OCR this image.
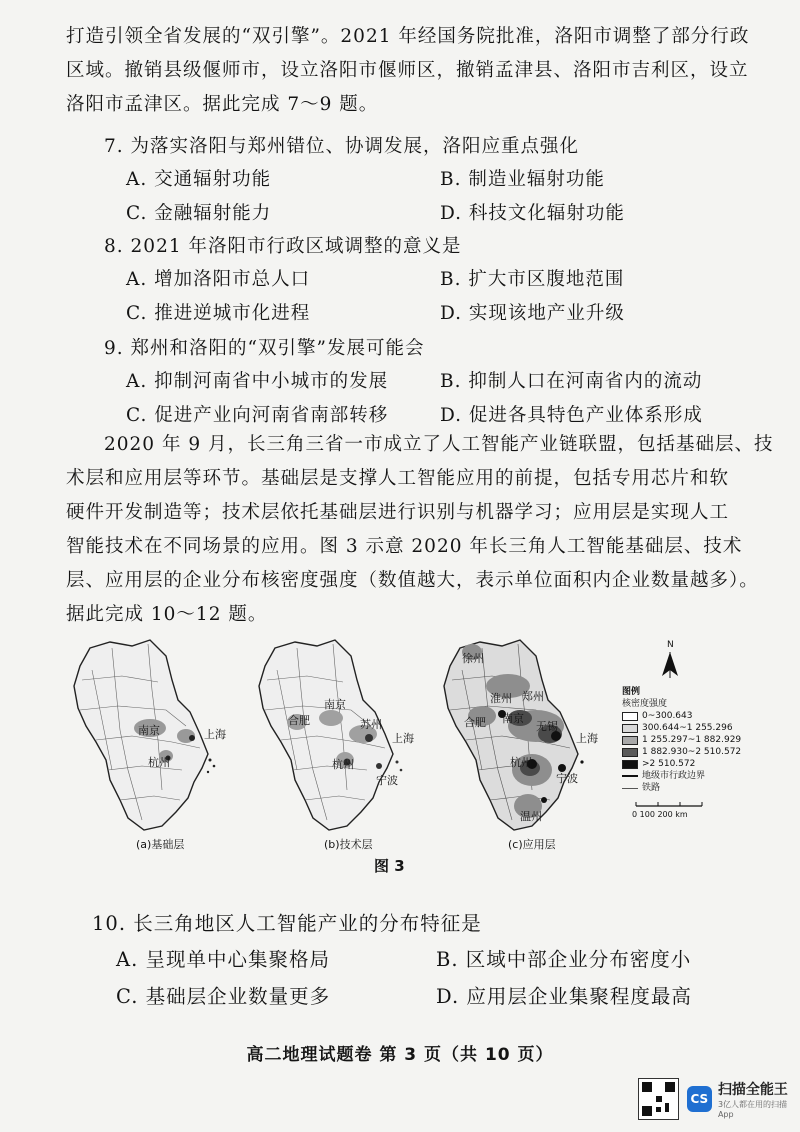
打造引领全省发展的“双引擎”。2021 年经国务院批准，洛阳市调整了部分行政
区域。撤销县级偃师市，设立洛阳市偃师区，撤销孟津县、洛阳市吉利区，设立
洛阳市孟津区。据此完成 7～9 题。
7. 为落实洛阳与郑州错位、协调发展，洛阳应重点强化
A. 交通辐射功能	B. 制造业辐射功能
C. 金融辐射能力	D. 科技文化辐射功能
8. 2021 年洛阳市行政区域调整的意义是
A. 增加洛阳市总人口	B. 扩大市区腹地范围
C. 推进逆城市化进程	D. 实现该地产业升级
9. 郑州和洛阳的“双引擎”发展可能会
A. 抑制河南省中小城市的发展	B. 抑制人口在河南省内的流动
C. 促进产业向河南省南部转移	D. 促进各具特色产业体系形成
2020 年 9 月，长三角三省一市成立了人工智能产业链联盟，包括基础层、技
术层和应用层等环节。基础层是支撑人工智能应用的前提，包括专用芯片和软
硬件开发制造等；技术层依托基础层进行识别与机器学习；应用层是实现人工
智能技术在不同场景的应用。图 3 示意 2020 年长三角人工智能基础层、技术
层、应用层的企业分布核密度强度（数值越大，表示单位面积内企业数量越多）。
据此完成 10～12 题。
南京	上海
杭州
合肥
南京
苏州
上海
杭州
宁波
徐州
淮州 郑州
合肥 南京
无锡
上海
杭州
宁波
温州
(a)基础层	(b)技术层	(c)应用层
N
0 100 200 km
图例
核密度强度
0~300.643
300.644~1 255.296
1 255.297~1 882.929
1 882.930~2 510.572
>2 510.572
地级市行政边界
铁路
图 3
10. 长三角地区人工智能产业的分布特征是
A. 呈现单中心集聚格局	B. 区域中部企业分布密度小
C. 基础层企业数量更多	D. 应用层企业集聚程度最高
高二地理试题卷 第 3 页（共 10 页）
CS
扫描全能王
3亿人都在用的扫描App
